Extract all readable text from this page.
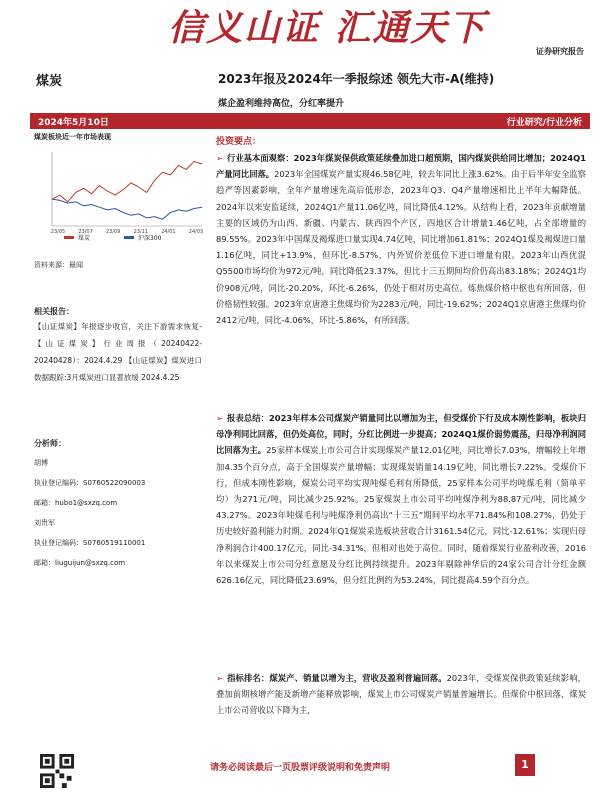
信义山证 汇通天下
证券研究报告
煤炭	2023年报及2024年一季报综述 领先大市-A(维持)
煤企盈利维持高位，分红率提升
2024年5月10日	行业研究/行业分析
煤炭板块近一年市场表现
23/05	23/07	23/09	23/11	24/01	24/03
煤炭	沪深300
资料来源：最闻
相关报告：
【山证煤炭】年报逐步收官，关注下游需求恢复-【山证煤炭】行业周报（20240422-20240428）：2024.4.29 【山证煤炭】煤炭进口数据跟踪:3月煤炭进口显著放缓 2024.4.25
分析师：
胡博
执业登记编码：S0760522090003
邮箱：hubo1@sxzq.com
刘贵军
执业登记编码：S0760519110001
邮箱：liuguijun@sxzq.com
投资要点：
➢ 行业基本面观察：2023年煤炭保供政策延续叠加进口超预期，国内煤炭供给同比增加；2024Q1产量同比回落。2023年全国煤炭产量实现46.58亿吨，较去年同比上涨3.62%。由于后半年安全监察趋严等因素影响，全年产量增速先高后低形态，2023年Q3、Q4产量增速相比上半年大幅降低。2024年以来安监延续，2024Q1产量11.06亿吨，同比降低4.12%。从结构上看，2023年贡献增量主要的区域仍为山西、新疆、内蒙古、陕西四个产区，四地区合计增量1.46亿吨，占全部增量的89.55%。2023年中国煤及褐煤进口量实现4.74亿吨，同比增加61.81%；2024Q1煤及褐煤进口量1.16亿吨，同比+13.9%，但环比-8.57%，内外贸价差低位下进口增量有限。2023年山西优混Q5500市场均价为972元/吨，同比降低23.37%，但比十三五期间均价仍高出83.18%；2024Q1均价908元/吨，同比-20.20%，环比-6.26%，仍处于相对历史高位。炼焦煤价格中枢也有所回落，但价格韧性较强。2023年京唐港主焦煤均价为2283元/吨，同比-19.62%；2024Q1京唐港主焦煤均价2412元/吨，同比-4.06%，环比-5.86%，有所回落。
➢ 报表总结：2023年样本公司煤炭产销量同比以增加为主，但受煤价下行及成本刚性影响，板块归母净利同比回落，但仍处高位，同时，分红比例进一步提高；2024Q1煤价弱势震荡，归母净利润同比回落为主。25家样本煤炭上市公司合计实现煤炭产量12.01亿吨，同比增长7.03%，增幅较上年增加4.35个百分点，高于全国煤炭产量增幅；实现煤炭销量14.19亿吨，同比增长7.22%。受煤价下行，但成本刚性影响，煤炭公司平均实现吨煤毛利有所降低，25家样本公司平均吨煤毛利（简单平均）为271元/吨，同比减少25.92%。25家煤炭上市公司平均吨煤净利为88.87元/吨，同比减少43.27%。2023年吨煤毛利与吨煤净利仍高出“十三五”期间平均水平71.84%和108.27%，仍处于历史较好盈利能力时期。2024年Q1煤炭采选板块营收合计3161.54亿元，同比-12.61%；实现归母净利润合计400.17亿元，同比-34.31%，但相对也处于高位。同时，随着煤炭行业盈利改善，2016年以来煤炭上市公司分红意愿及分红比例持续提升。2023年剔除神华后的24家公司合计分红金额626.16亿元，同比降低23.69%，但分红比例约为53.24%，同比提高4.59个百分点。
➢ 指标排名：煤炭产、销量以增为主，营收及盈利普遍回落。2023年，受煤炭保供政策延续影响，叠加前期核增产能及新增产能释放影响，煤炭上市公司煤炭产销量普遍增长。但煤价中枢回落，煤炭上市公司营收以下降为主，
请务必阅读最后一页股票评级说明和免责声明	1
